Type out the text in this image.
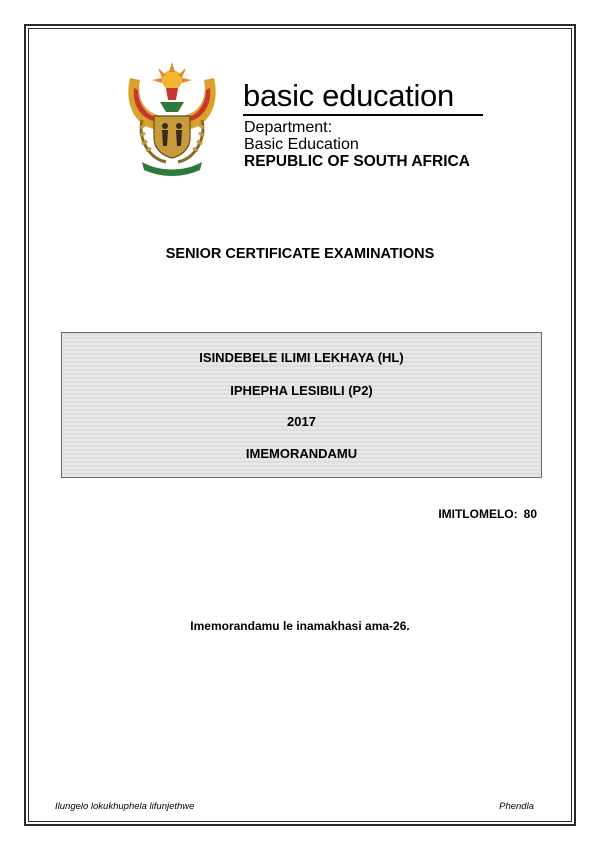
basic education
Department:
Basic Education
REPUBLIC OF SOUTH AFRICA
SENIOR CERTIFICATE EXAMINATIONS
ISINDEBELE ILIMI LEKHAYA (HL)
IPHEPHA LESIBILI (P2)
2017
IMEMORANDAMU
IMITLOMELO: 80
Imemorandamu le inamakhasi ama-26.
Ilungelo lokukhuphela lifunjethwe	Phendla
